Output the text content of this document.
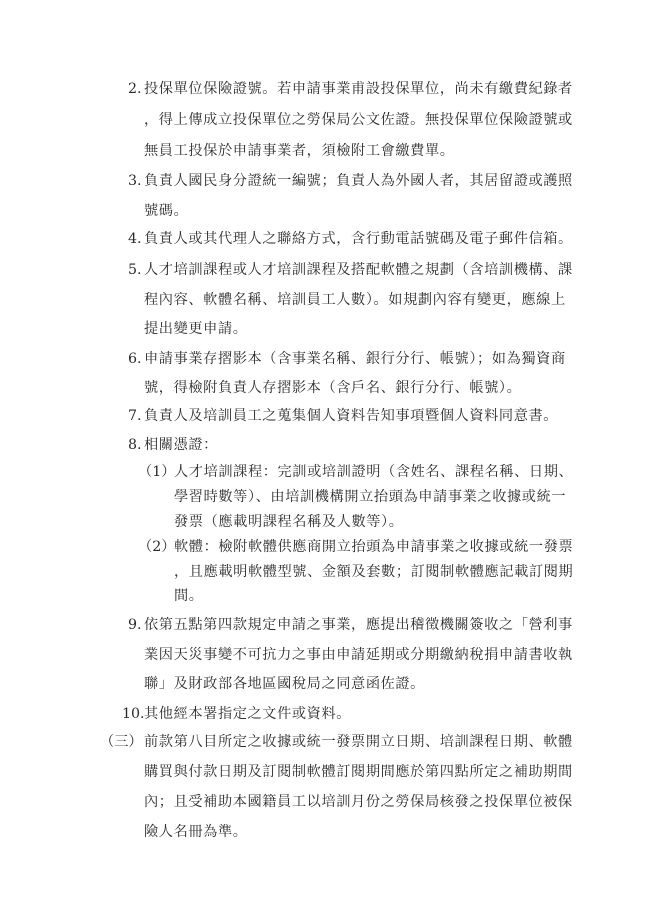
2. 投保單位保險證號。若申請事業甫設投保單位，尚未有繳費紀錄者
，得上傳成立投保單位之勞保局公文佐證。無投保單位保險證號或
無員工投保於申請事業者，須檢附工會繳費單。
3. 負責人國民身分證統一編號；負責人為外國人者，其居留證或護照
號碼。
4. 負責人或其代理人之聯絡方式，含行動電話號碼及電子郵件信箱。
5. 人才培訓課程或人才培訓課程及搭配軟體之規劃（含培訓機構、課
程內容、軟體名稱、培訓員工人數）。如規劃內容有變更，應線上
提出變更申請。
6. 申請事業存摺影本（含事業名稱、銀行分行、帳號）；如為獨資商
號，得檢附負責人存摺影本（含戶名、銀行分行、帳號）。
7. 負責人及培訓員工之蒐集個人資料告知事項暨個人資料同意書。
8. 相關憑證：
（1）
人才培訓課程：完訓或培訓證明（含姓名、課程名稱、日期、
學習時數等）、由培訓機構開立抬頭為申請事業之收據或統一
發票（應載明課程名稱及人數等）。
（2）
軟體：檢附軟體供應商開立抬頭為申請事業之收據或統一發票
，且應載明軟體型號、金額及套數；訂閱制軟體應記載訂閱期
間。
9. 依第五點第四款規定申請之事業，應提出稽徵機關簽收之「營利事
業因天災事變不可抗力之事由申請延期或分期繳納稅捐申請書收執
聯」及財政部各地區國稅局之同意函佐證。
10. 其他經本署指定之文件或資料。
（三） 前款第八目所定之收據或統一發票開立日期、培訓課程日期、軟體
購買與付款日期及訂閱制軟體訂閱期間應於第四點所定之補助期間
內；且受補助本國籍員工以培訓月份之勞保局核發之投保單位被保
險人名冊為準。
